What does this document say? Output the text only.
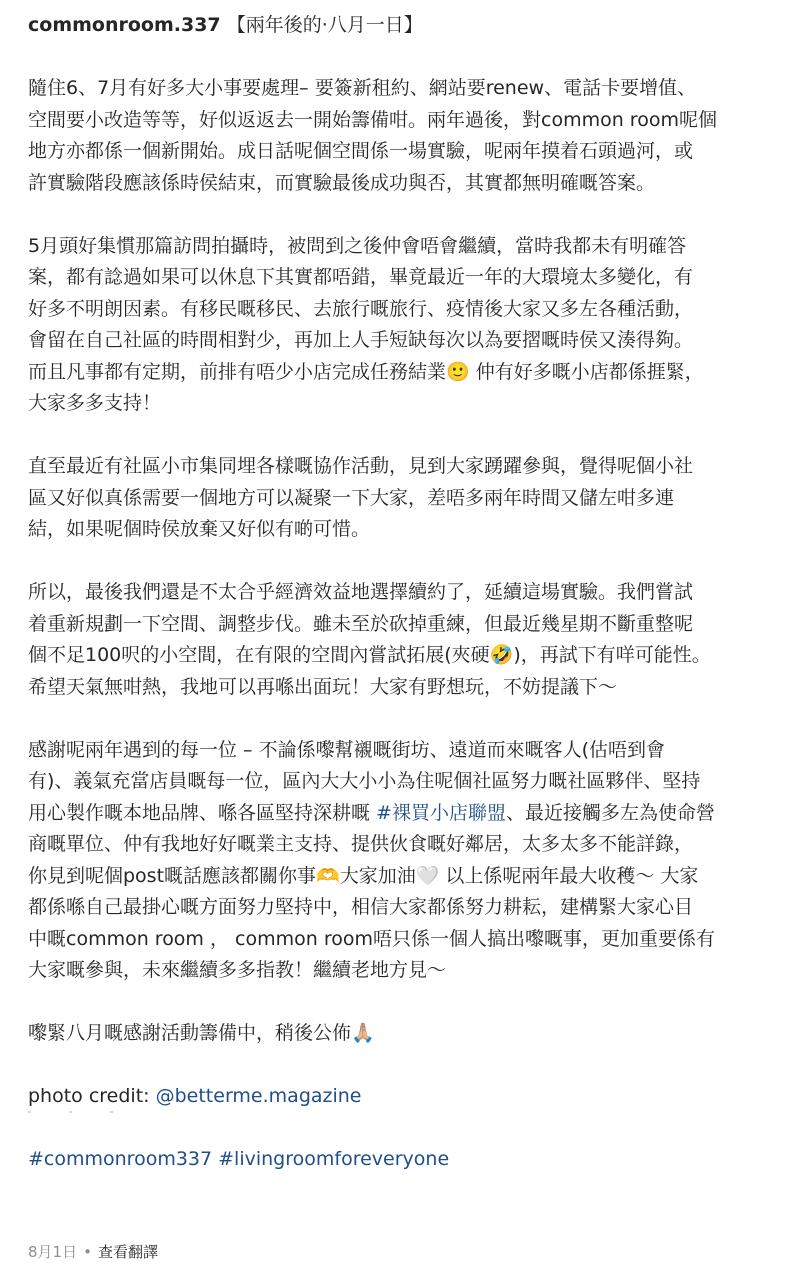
commonroom.337 【兩年後的·八月一日】
隨住6、7月有好多大小事要處理– 要簽新租約、網站要renew、電話卡要增值、
空間要小改造等等，好似返返去一開始籌備咁。兩年過後，對common room呢個
地方亦都係一個新開始。成日話呢個空間係一場實驗，呢兩年摸着石頭過河，或
許實驗階段應該係時侯結束，而實驗最後成功與否，其實都無明確嘅答案。
5月頭好集慣那篇訪問拍攝時，被問到之後仲會唔會繼續，當時我都未有明確答
案，都有諗過如果可以休息下其實都唔錯，畢竟最近一年的大環境太多變化，有
好多不明朗因素。有移民嘅移民、去旅行嘅旅行、疫情後大家又多左各種活動，
會留在自己社區的時間相對少，再加上人手短缺每次以為要摺嘅時侯又湊得夠。
而且凡事都有定期，前排有唔少小店完成任務結業🙂 仲有好多嘅小店都係捱緊，
大家多多支持！
直至最近有社區小市集同埋各樣嘅協作活動，見到大家踴躍參與，覺得呢個小社
區又好似真係需要一個地方可以凝聚一下大家，差唔多兩年時間又儲左咁多連
結，如果呢個時侯放棄又好似有啲可惜。
所以，最後我們還是不太合乎經濟效益地選擇續約了，延續這場實驗。我們嘗試
着重新規劃一下空間、調整步伐。雖未至於砍掉重練，但最近幾星期不斷重整呢
個不足100呎的小空間，在有限的空間內嘗試拓展(夾硬🤣)，再試下有咩可能性。
希望天氣無咁熱，我地可以再喺出面玩！大家有野想玩，不妨提議下～
感謝呢兩年遇到的每一位 – 不論係嚟幫襯嘅街坊、遠道而來嘅客人(估唔到會
有)、義氣充當店員嘅每一位，區內大大小小為住呢個社區努力嘅社區夥伴、堅持
用心製作嘅本地品牌、喺各區堅持深耕嘅 #裸買小店聯盟、最近接觸多左為使命營
商嘅單位、仲有我地好好嘅業主支持、提供伙食嘅好鄰居，太多太多不能詳錄，
你見到呢個post嘅話應該都關你事🫶大家加油🤍 以上係呢兩年最大收穫～ 大家
都係喺自己最掛心嘅方面努力堅持中，相信大家都係努力耕耘，建構緊大家心目
中嘅common room ， common room唔只係一個人搞出嚟嘅事，更加重要係有
大家嘅參與，未來繼續多多指教！繼續老地方見～
嚟緊八月嘅感謝活動籌備中，稍後公佈🙏🏼
photo credit: @betterme.magazine
#commonroom337 #livingroomforeveryone
8月1日 • 查看翻譯
